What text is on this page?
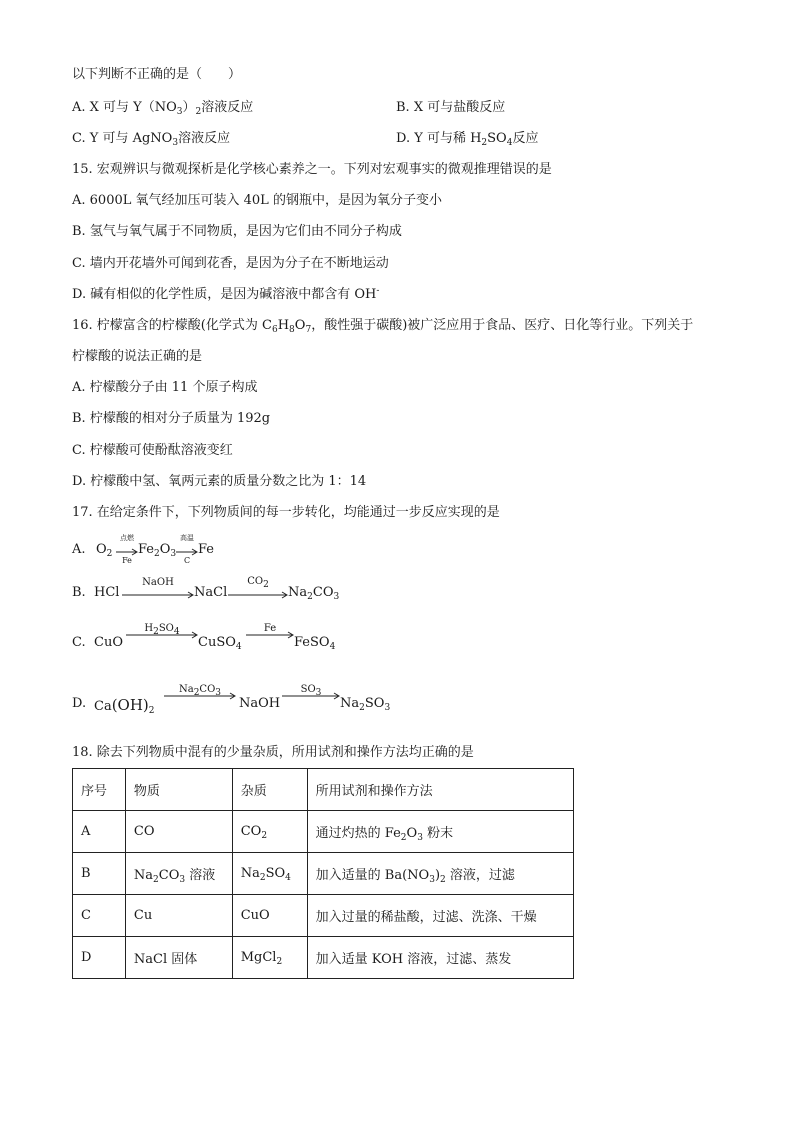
以下判断不正确的是（　　）
A. X 可与 $Y(NO_3)_2$溶液反应	B. X 可与盐酸反应
C. Y 可与 AgNO$_3$溶液反应	D. Y 可与稀 $H_2SO_4$反应
15. 宏观辨识与微观探析是化学核心素养之一。下列对宏观事实的微观推理错误的是
A. 6000L 氧气经加压可装入 40L 的钢瓶中，是因为氧分子变小
B. 氢气与氧气属于不同物质，是因为它们由不同分子构成
C. 墙内开花墙外可闻到花香，是因为分子在不断地运动
D. 碱有相似的化学性质，是因为碱溶液中都含有 OH-
16. 柠檬富含的柠檬酸(化学式为 $C_6H_8O_7$，酸性强于碳酸)被广泛应用于食品、医疗、日化等行业。下列关于
柠檬酸的说法正确的是
A. 柠檬酸分子由 11 个原子构成
B. 柠檬酸的相对分子质量为 192g
C. 柠檬酸可使酚酞溶液变红
D. 柠檬酸中氢、氧两元素的质量分数之比为 1：14
17. 在给定条件下，下列物质间的每一步转化，均能通过一步反应实现的是
A. $O_2$
点燃
Fe
$Fe_2O_3$
高温
C
Fe
B. HCl
NaOH
NaCl
$CO_2$	$Na_2CO_3$
C. CuO
$H_2SO_4$
CuSO$_4$
Fe
FeSO$_4$
D. $Ca(OH)_2$
$Na_2CO_3$
NaOH
$SO_3$
$Na_2SO_3$
18. 除去下列物质中混有的少量杂质，所用试剂和操作方法均正确的是
序号	物质	杂质	所用试剂和操作方法
A	CO	$CO_2$	通过灼热的 $Fe_2O_3$ 粉末
B	$Na_2CO_3$ 溶液	$Na_2SO_4$	加入适量的 $Ba(NO_3)_2$ 溶液，过滤
C	Cu	CuO	加入过量的稀盐酸，过滤、洗涤、干燥
D	NaCl 固体	MgCl$_2$	加入适量 KOH 溶液，过滤、蒸发
